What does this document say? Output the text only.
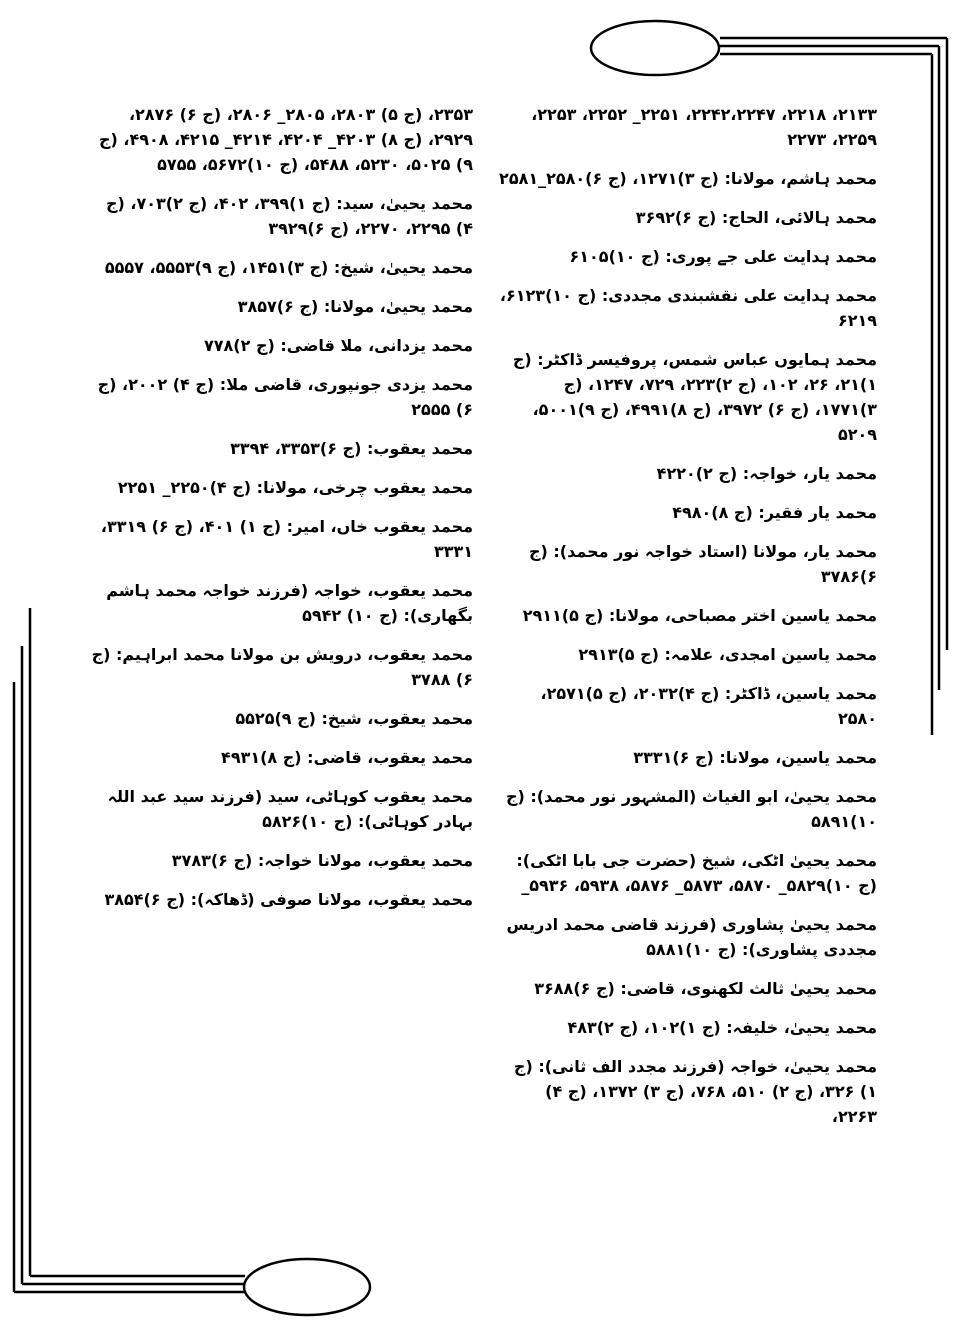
۲۱۳۳، ۲۲۱۸، ۲۲۴۲،۲۲۴۷، ۲۲۵۱_ ۲۲۵۲، ۲۲۵۳، ۲۲۵۹، ۲۲۷۳
محمد ہاشم، مولانا: (ج ۳)۱۲۷۱، (ج ۶)۲۵۸۰_۲۵۸۱
محمد ہالائی، الحاج: (ج ۶)۳۶۹۲
محمد ہدایت علی جے پوری: (ج ۱۰)۶۱۰۵
محمد ہدایت علی نقشبندی مجددی: (ج ۱۰)۶۱۲۳، ۶۲۱۹
محمد ہمایوں عباس شمس، پروفیسر ڈاکٹر: (ج ۱)۲۱، ۲۶، ۱۰۲، (ج ۲)۲۲۳، ۷۲۹، ۱۲۴۷، (ج ۳)۱۷۷۱، (ج ۶) ۳۹۷۲، (ج ۸)۴۹۹۱، (ج ۹)۵۰۰۱، ۵۲۰۹
محمد یار، خواجہ: (ج ۲)۴۲۲۰
محمد یار فقیر: (ج ۸)۴۹۸۰
محمد یار، مولانا (استاد خواجہ نور محمد): (ج ۶)۳۷۸۶
محمد یاسین اختر مصباحی، مولانا: (ج ۵)۲۹۱۱
محمد یاسین امجدی، علامہ: (ج ۵)۲۹۱۳
محمد یاسین، ڈاکٹر: (ج ۴)۲۰۳۲، (ج ۵)۲۵۷۱، ۲۵۸۰
محمد یاسین، مولانا: (ج ۶)۳۳۳۱
محمد یحییٰ، ابو الغیاث (المشہور نور محمد): (ج ۱۰)۵۸۹۱
محمد یحییٰ اٹکی، شیخ (حضرت جی بابا اٹکی): (ج ۱۰)۵۸۲۹_ ۵۸۷۰، ۵۸۷۳_ ۵۸۷۶، ۵۹۳۸، ۵۹۳۶_
محمد یحییٰ پشاوری (فرزند قاضی محمد ادریس مجددی پشاوری): (ج ۱۰)۵۸۸۱
محمد یحییٰ ثالث لکھنوی، قاضی: (ج ۶)۳۶۸۸
محمد یحییٰ، خلیفہ: (ج ۱)۱۰۲، (ج ۲)۴۸۳
محمد یحییٰ، خواجہ (فرزند مجدد الف ثانی): (ج ۱) ۳۲۶، (ج ۲) ۵۱۰، ۷۶۸، (ج ۳) ۱۳۷۲، (ج ۴) ۲۲۶۳،
۲۳۵۳، (ج ۵) ۲۸۰۳، ۲۸۰۵_ ۲۸۰۶، (ج ۶) ۲۸۷۶، ۲۹۲۹، (ج ۸) ۴۲۰۳_ ۴۲۰۴، ۴۲۱۴_ ۴۲۱۵، ۴۹۰۸، (ج ۹) ۵۰۲۵، ۵۲۳۰، ۵۴۸۸، (ج ۱۰)۵۶۷۲، ۵۷۵۵
محمد یحییٰ، سید: (ج ۱)۳۹۹، ۴۰۲، (ج ۲)۷۰۳، (ج ۴) ۲۲۹۵، ۲۲۷۰، (ج ۶)۳۹۲۹
محمد یحییٰ، شیخ: (ج ۳)۱۴۵۱، (ج ۹)۵۵۵۳، ۵۵۵۷
محمد یحییٰ، مولانا: (ج ۶)۳۸۵۷
محمد یزدانی، ملا قاضی: (ج ۲)۷۷۸
محمد یزدی جونپوری، قاضی ملا: (ج ۴) ۲۰۰۲، (ج ۶) ۲۵۵۵
محمد یعقوب: (ج ۶)۳۳۵۳، ۳۳۹۴
محمد یعقوب چرخی، مولانا: (ج ۴)۲۲۵۰_ ۲۲۵۱
محمد یعقوب خاں، امیر: (ج ۱) ۴۰۱، (ج ۶) ۳۳۱۹، ۳۳۳۱
محمد یعقوب، خواجہ (فرزند خواجہ محمد ہاشم بگھاری): (ج ۱۰) ۵۹۴۲
محمد یعقوب، درویش بن مولانا محمد ابراہیم: (ج ۶) ۳۷۸۸
محمد یعقوب، شیخ: (ج ۹)۵۵۲۵
محمد یعقوب، قاضی: (ج ۸)۴۹۳۱
محمد یعقوب کوہاٹی، سید (فرزند سید عبد اللہ بہادر کوہاٹی): (ج ۱۰)۵۸۲۶
محمد یعقوب، مولانا خواجہ: (ج ۶)۳۷۸۳
محمد یعقوب، مولانا صوفی (ڈھاکہ): (ج ۶)۳۸۵۴
